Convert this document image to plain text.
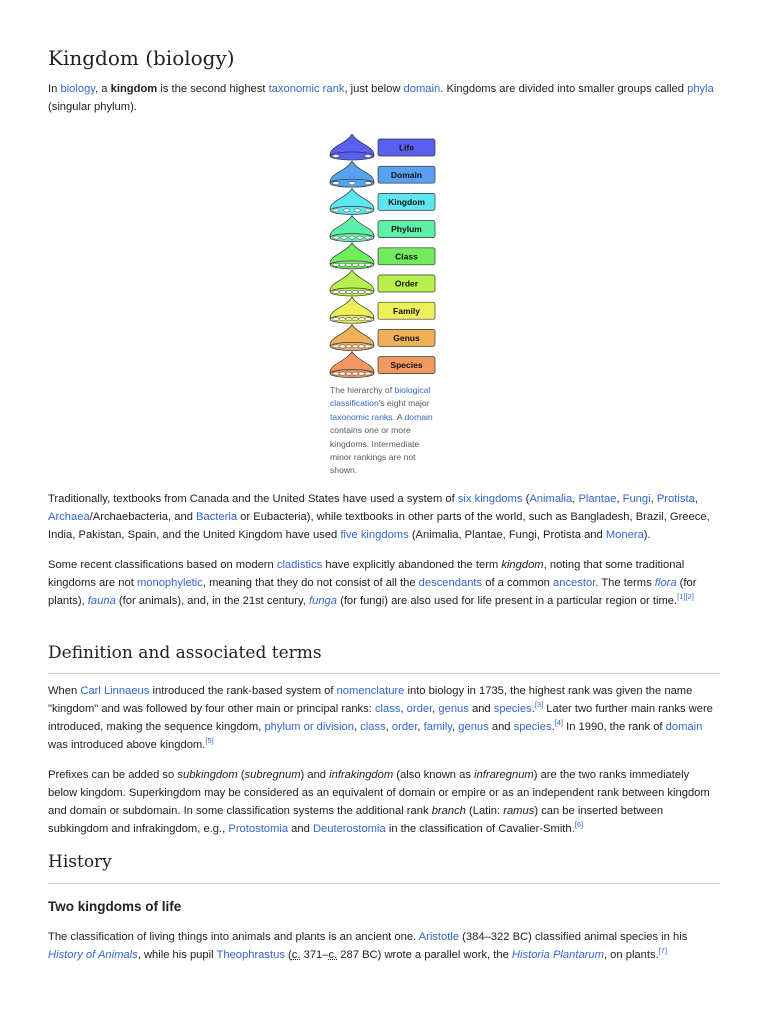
Kingdom (biology)

In biology, a kingdom is the second highest taxonomic rank, just below domain. Kingdoms are divided into smaller groups called phyla (singular phylum).

Life
Domain
Kingdom
Phylum
Class
Order
Family
Genus
Species
The hierarchy of biological classification's eight major taxonomic ranks. A domain contains one or more kingdoms. Intermediate minor rankings are not shown.

Traditionally, textbooks from Canada and the United States have used a system of six kingdoms (Animalia, Plantae, Fungi, Protista, Archaea/Archaebacteria, and Bacteria or Eubacteria), while textbooks in other parts of the world, such as Bangladesh, Brazil, Greece, India, Pakistan, Spain, and the United Kingdom have used five kingdoms (Animalia, Plantae, Fungi, Protista and Monera).

Some recent classifications based on modern cladistics have explicitly abandoned the term kingdom, noting that some traditional kingdoms are not monophyletic, meaning that they do not consist of all the descendants of a common ancestor. The terms flora (for plants), fauna (for animals), and, in the 21st century, funga (for fungi) are also used for life present in a particular region or time.[1][2]

Definition and associated terms

When Carl Linnaeus introduced the rank-based system of nomenclature into biology in 1735, the highest rank was given the name "kingdom" and was followed by four other main or principal ranks: class, order, genus and species.[3] Later two further main ranks were introduced, making the sequence kingdom, phylum or division, class, order, family, genus and species.[4] In 1990, the rank of domain was introduced above kingdom.[5]

Prefixes can be added so subkingdom (subregnum) and infrakingdom (also known as infraregnum) are the two ranks immediately below kingdom. Superkingdom may be considered as an equivalent of domain or empire or as an independent rank between kingdom and domain or subdomain. In some classification systems the additional rank branch (Latin: ramus) can be inserted between subkingdom and infrakingdom, e.g., Protostomia and Deuterostomia in the classification of Cavalier-Smith.[6]

History
Two kingdoms of life

The classification of living things into animals and plants is an ancient one. Aristotle (384–322 BC) classified animal species in his History of Animals, while his pupil Theophrastus (c. 371–c. 287 BC) wrote a parallel work, the Historia Plantarum, on plants.[7]
